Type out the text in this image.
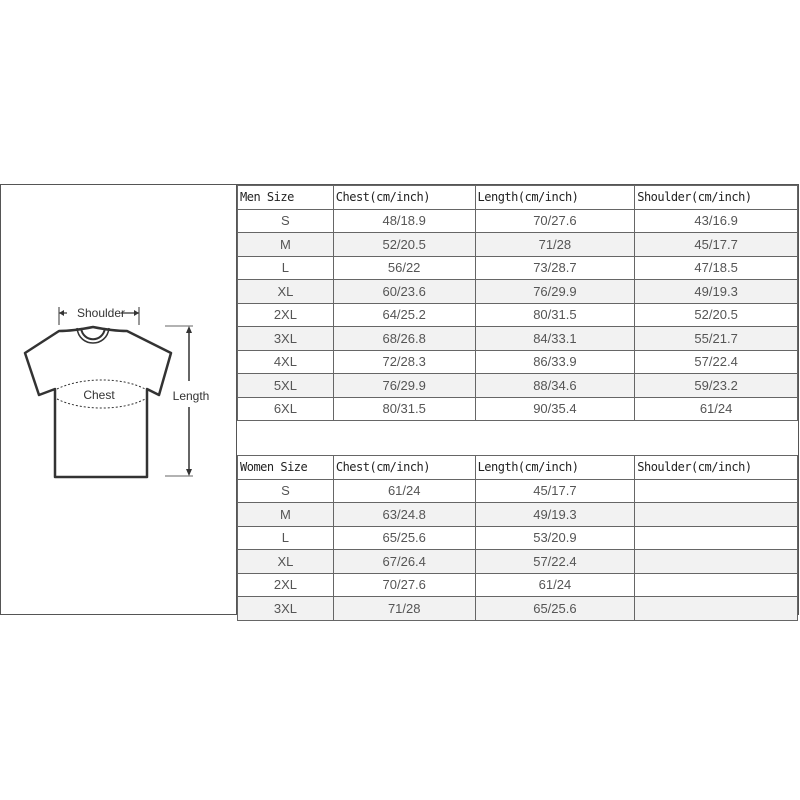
Shoulder
Chest	Length
Men Size	Chest(cm/inch)	Length(cm/inch)	Shoulder(cm/inch)
S	48/18.9	70/27.6	43/16.9
M	52/20.5	71/28	45/17.7
L	56/22	73/28.7	47/18.5
XL	60/23.6	76/29.9	49/19.3
2XL	64/25.2	80/31.5	52/20.5
3XL	68/26.8	84/33.1	55/21.7
4XL	72/28.3	86/33.9	57/22.4
5XL	76/29.9	88/34.6	59/23.2
6XL	80/31.5	90/35.4	61/24
Women Size	Chest(cm/inch)	Length(cm/inch)	Shoulder(cm/inch)
S	61/24	45/17.7	
M	63/24.8	49/19.3	
L	65/25.6	53/20.9	
XL	67/26.4	57/22.4	
2XL	70/27.6	61/24	
3XL	71/28	65/25.6	
